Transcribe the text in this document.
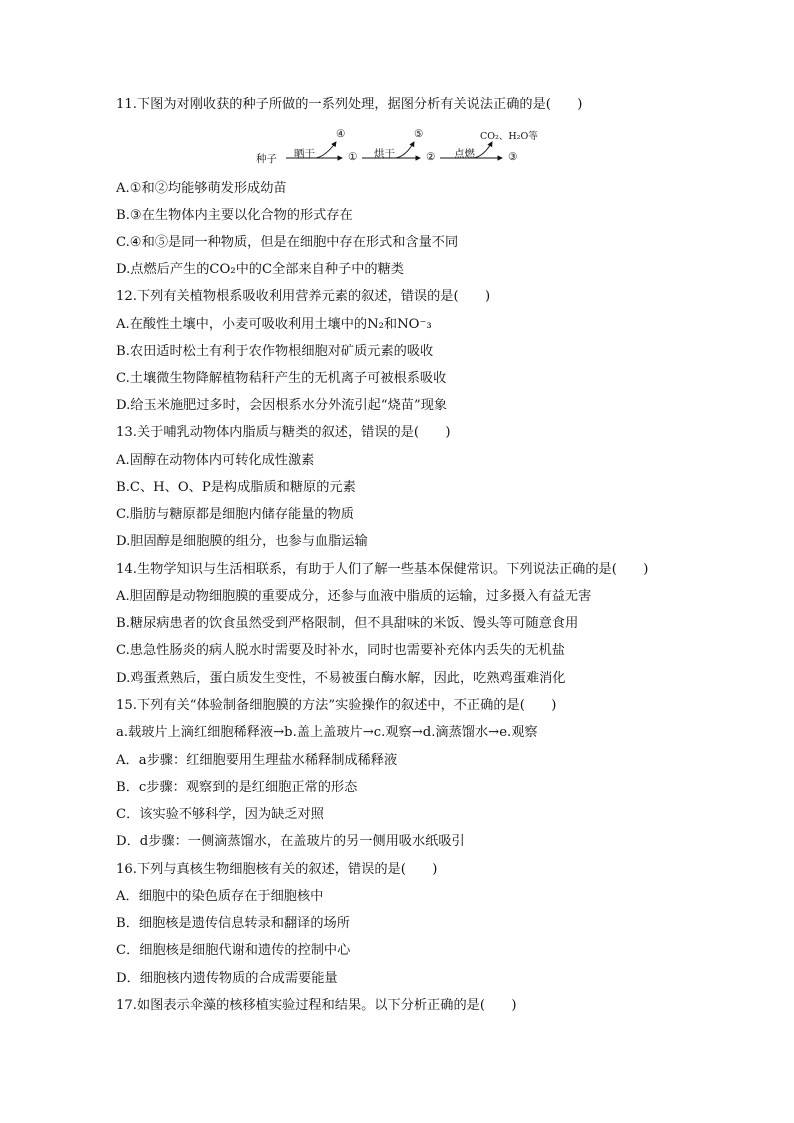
11.下图为对刚收获的种子所做的一系列处理，据图分析有关说法正确的是(　　)
种子 晒干	① 烘干	② 点燃	③
④	⑤	CO₂、H₂O等
A.①和②均能够萌发形成幼苗
B.③在生物体内主要以化合物的形式存在
C.④和⑤是同一种物质，但是在细胞中存在形式和含量不同
D.点燃后产生的CO₂中的C全部来自种子中的糖类
12.下列有关植物根系吸收利用营养元素的叙述，错误的是(　　)
A.在酸性土壤中，小麦可吸收利用土壤中的N₂和NO⁻₃
B.农田适时松土有利于农作物根细胞对矿质元素的吸收
C.土壤微生物降解植物秸秆产生的无机离子可被根系吸收
D.给玉米施肥过多时，会因根系水分外流引起“烧苗”现象
13.关于哺乳动物体内脂质与糖类的叙述，错误的是(　　)
A.固醇在动物体内可转化成性激素
B.C、H、O、P是构成脂质和糖原的元素
C.脂肪与糖原都是细胞内储存能量的物质
D.胆固醇是细胞膜的组分，也参与血脂运输
14.生物学知识与生活相联系，有助于人们了解一些基本保健常识。下列说法正确的是(　　)
A.胆固醇是动物细胞膜的重要成分，还参与血液中脂质的运输，过多摄入有益无害
B.糖尿病患者的饮食虽然受到严格限制，但不具甜味的米饭、馒头等可随意食用
C.患急性肠炎的病人脱水时需要及时补水，同时也需要补充体内丢失的无机盐
D.鸡蛋煮熟后，蛋白质发生变性，不易被蛋白酶水解，因此，吃熟鸡蛋难消化
15.下列有关“体验制备细胞膜的方法”实验操作的叙述中，不正确的是(　　)
a.载玻片上滴红细胞稀释液→b.盖上盖玻片→c.观察→d.滴蒸馏水→e.观察
A．a步骤：红细胞要用生理盐水稀释制成稀释液
B．c步骤：观察到的是红细胞正常的形态
C．该实验不够科学，因为缺乏对照
D．d步骤：一侧滴蒸馏水，在盖玻片的另一侧用吸水纸吸引
16.下列与真核生物细胞核有关的叙述，错误的是(　　)
A．细胞中的染色质存在于细胞核中
B．细胞核是遗传信息转录和翻译的场所
C．细胞核是细胞代谢和遗传的控制中心
D．细胞核内遗传物质的合成需要能量
17.如图表示伞藻的核移植实验过程和结果。以下分析正确的是(　　)
